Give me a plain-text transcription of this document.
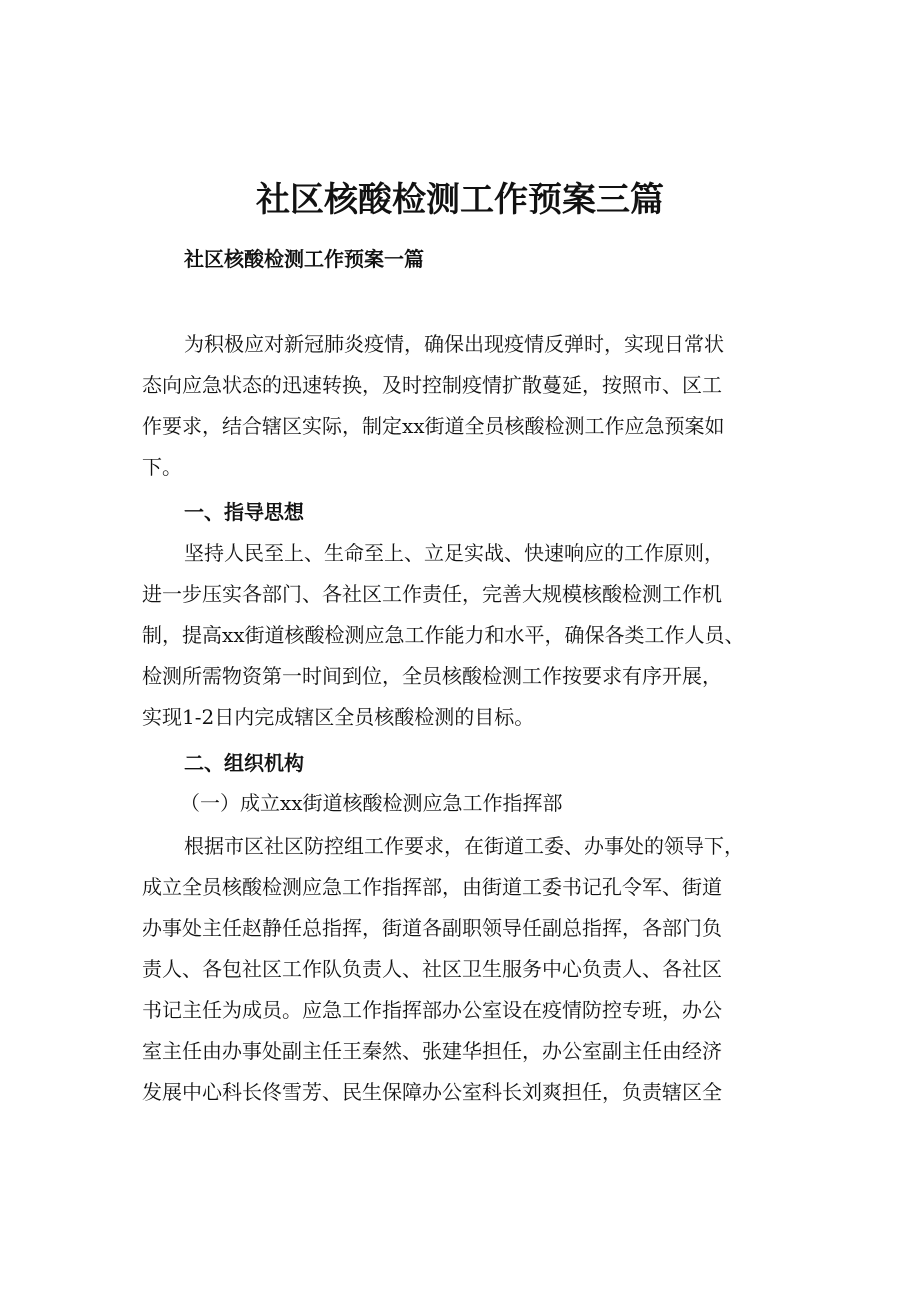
社区核酸检测工作预案三篇
社区核酸检测工作预案一篇

为积极应对新冠肺炎疫情，确保出现疫情反弹时，实现日常状
态向应急状态的迅速转换，及时控制疫情扩散蔓延，按照市、区工
作要求，结合辖区实际，制定xx街道全员核酸检测工作应急预案如
下。

一、指导思想

坚持人民至上、生命至上、立足实战、快速响应的工作原则，
进一步压实各部门、各社区工作责任，完善大规模核酸检测工作机
制，提高xx街道核酸检测应急工作能力和水平，确保各类工作人员、
检测所需物资第一时间到位，全员核酸检测工作按要求有序开展，
实现1-2日内完成辖区全员核酸检测的目标。

二、组织机构
（一）成立xx街道核酸检测应急工作指挥部

根据市区社区防控组工作要求，在街道工委、办事处的领导下，
成立全员核酸检测应急工作指挥部，由街道工委书记孔令军、街道
办事处主任赵静任总指挥，街道各副职领导任副总指挥，各部门负
责人、各包社区工作队负责人、社区卫生服务中心负责人、各社区
书记主任为成员。应急工作指挥部办公室设在疫情防控专班，办公
室主任由办事处副主任王秦然、张建华担任，办公室副主任由经济
发展中心科长佟雪芳、民生保障办公室科长刘爽担任，负责辖区全
